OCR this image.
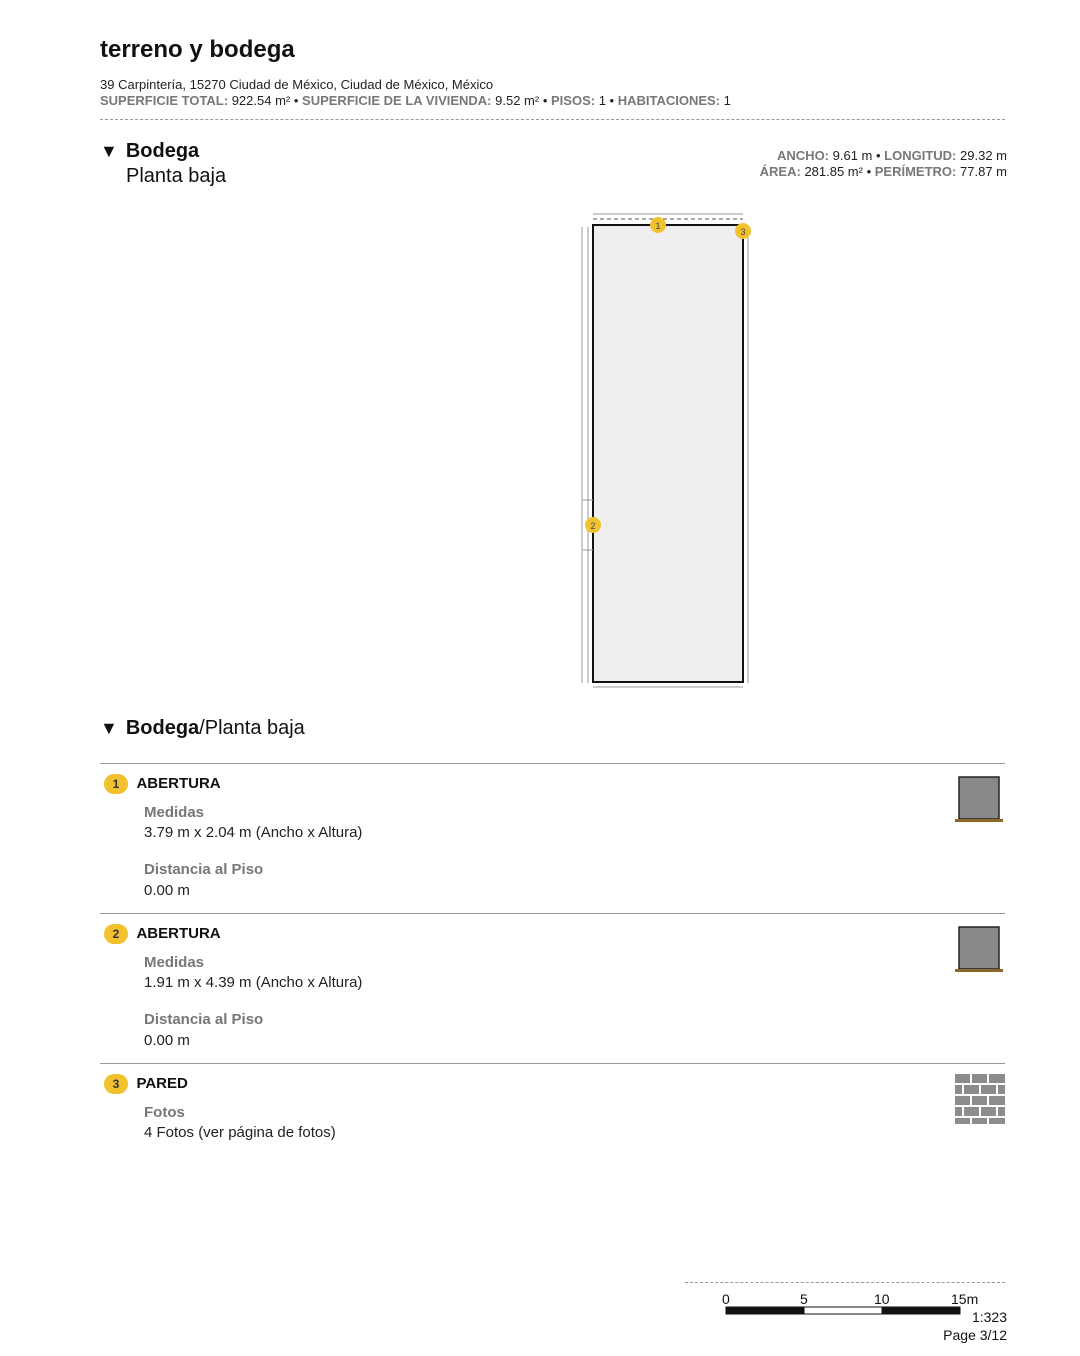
terreno y bodega
39 Carpintería, 15270 Ciudad de México, Ciudad de México, México
SUPERFICIE TOTAL: 922.54 m² • SUPERFICIE DE LA VIVIENDA: 9.52 m² • PISOS: 1 • HABITACIONES: 1
▼ Bodega
Planta baja
ANCHO: 9.61 m • LONGITUD: 29.32 m
ÁREA: 281.85 m² • PERÍMETRO: 77.87 m
1
2
3
▼ Bodega/Planta baja
1 ABERTURA
Medidas
3.79 m x 2.04 m (Ancho x Altura)
Distancia al Piso
0.00 m
2 ABERTURA
Medidas
1.91 m x 4.39 m (Ancho x Altura)
Distancia al Piso
0.00 m
3 PARED
Fotos
4 Fotos (ver página de fotos)
0	5	10	15m
1:323
Page 3/12
